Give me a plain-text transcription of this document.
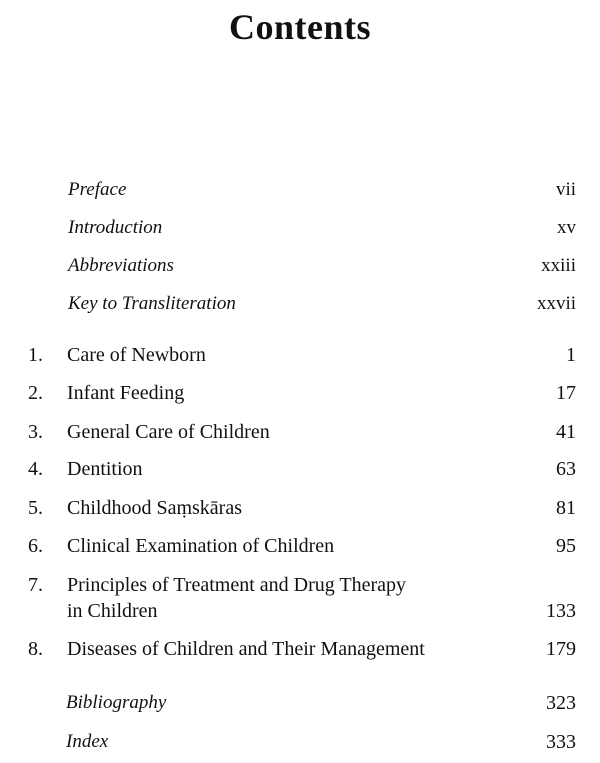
Contents
Preface	vii
Introduction	xv
Abbreviations	xxiii
Key to Transliteration	xxvii
1.	Care of Newborn	1
2.	Infant Feeding	17
3.	General Care of Children	41
4.	Dentition	63
5.	Childhood Saṃskāras	81
6.	Clinical Examination of Children	95
7.	Principles of Treatment and Drug Therapy
in Children	133
8.	Diseases of Children and Their Management	179
Bibliography	323
Index	333
